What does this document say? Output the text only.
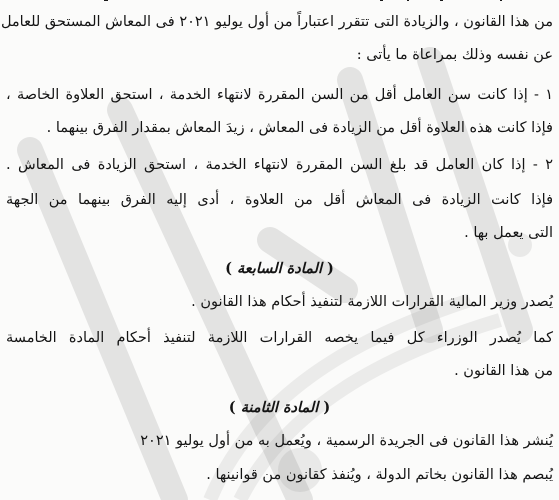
من هذا القانون ، والزيادة التى تتقرر اعتباراً من أول يوليو ٢٠٢١ فى المعاش المستحق للعامل
عن نفسه وذلك بمراعاة ما يأتى :
١ - إذا كانت سن العامل أقل من السن المقررة لانتهاء الخدمة ، استحق العلاوة الخاصة ،
فإذا كانت هذه العلاوة أقل من الزيادة فى المعاش ، زيدَ المعاش بمقدار الفرق بينهما .
٢ - إذا كان العامل قد بلغ السن المقررة لانتهاء الخدمة ، استحق الزيادة فى المعاش .
فإذا كانت الزيادة فى المعاش أقل من العلاوة ، أدى إليه الفرق بينهما من الجهة
التى يعمل بها .
( المادة السابعة )
يُصدر وزير المالية القرارات اللازمة لتنفيذ أحكام هذا القانون .
كما يُصدر الوزراء كل فيما يخصه القرارات اللازمة لتنفيذ أحكام المادة الخامسة
من هذا القانون .
( المادة الثامنة )
يُنشر هذا القانون فى الجريدة الرسمية ، ويُعمل به من أول يوليو ٢٠٢١
يُبصم هذا القانون بخاتم الدولة ، ويُنفذ كقانون من قوانينها .
